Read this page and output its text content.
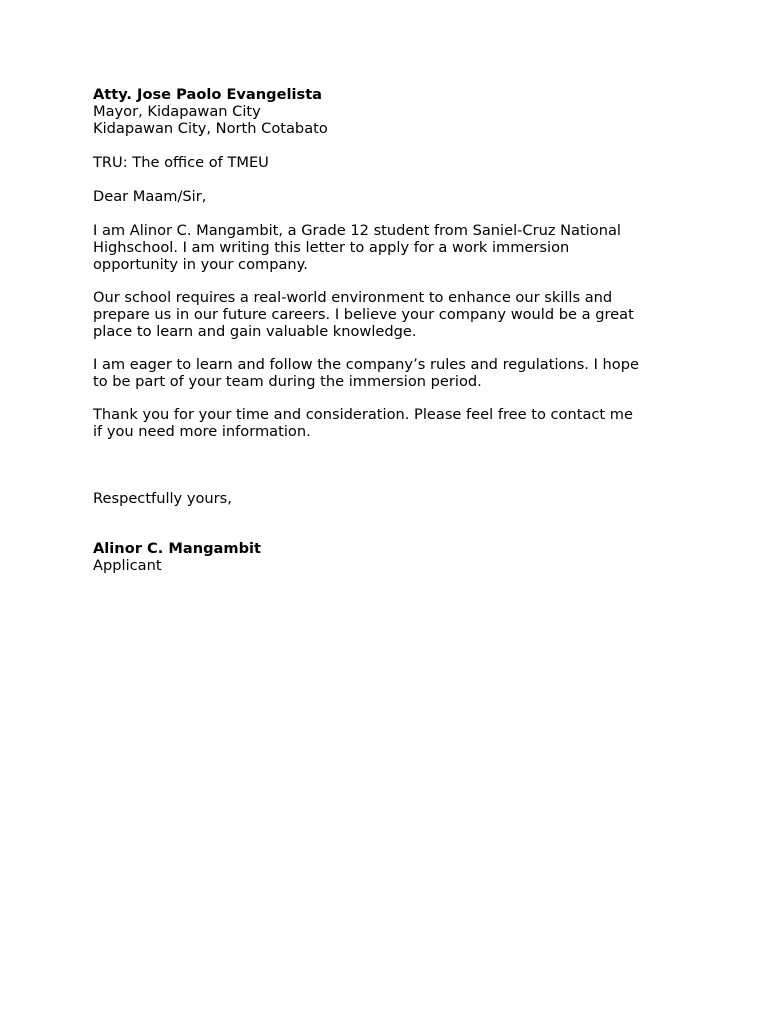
Atty. Jose Paolo Evangelista
Mayor, Kidapawan City
Kidapawan City, North Cotabato
TRU: The office of TMEU
Dear Maam/Sir,
I am Alinor C. Mangambit, a Grade 12 student from Saniel-Cruz National
Highschool. I am writing this letter to apply for a work immersion
opportunity in your company.
Our school requires a real-world environment to enhance our skills and
prepare us in our future careers. I believe your company would be a great
place to learn and gain valuable knowledge.
I am eager to learn and follow the company’s rules and regulations. I hope
to be part of your team during the immersion period.
Thank you for your time and consideration. Please feel free to contact me
if you need more information.
Respectfully yours,
Alinor C. Mangambit
Applicant
